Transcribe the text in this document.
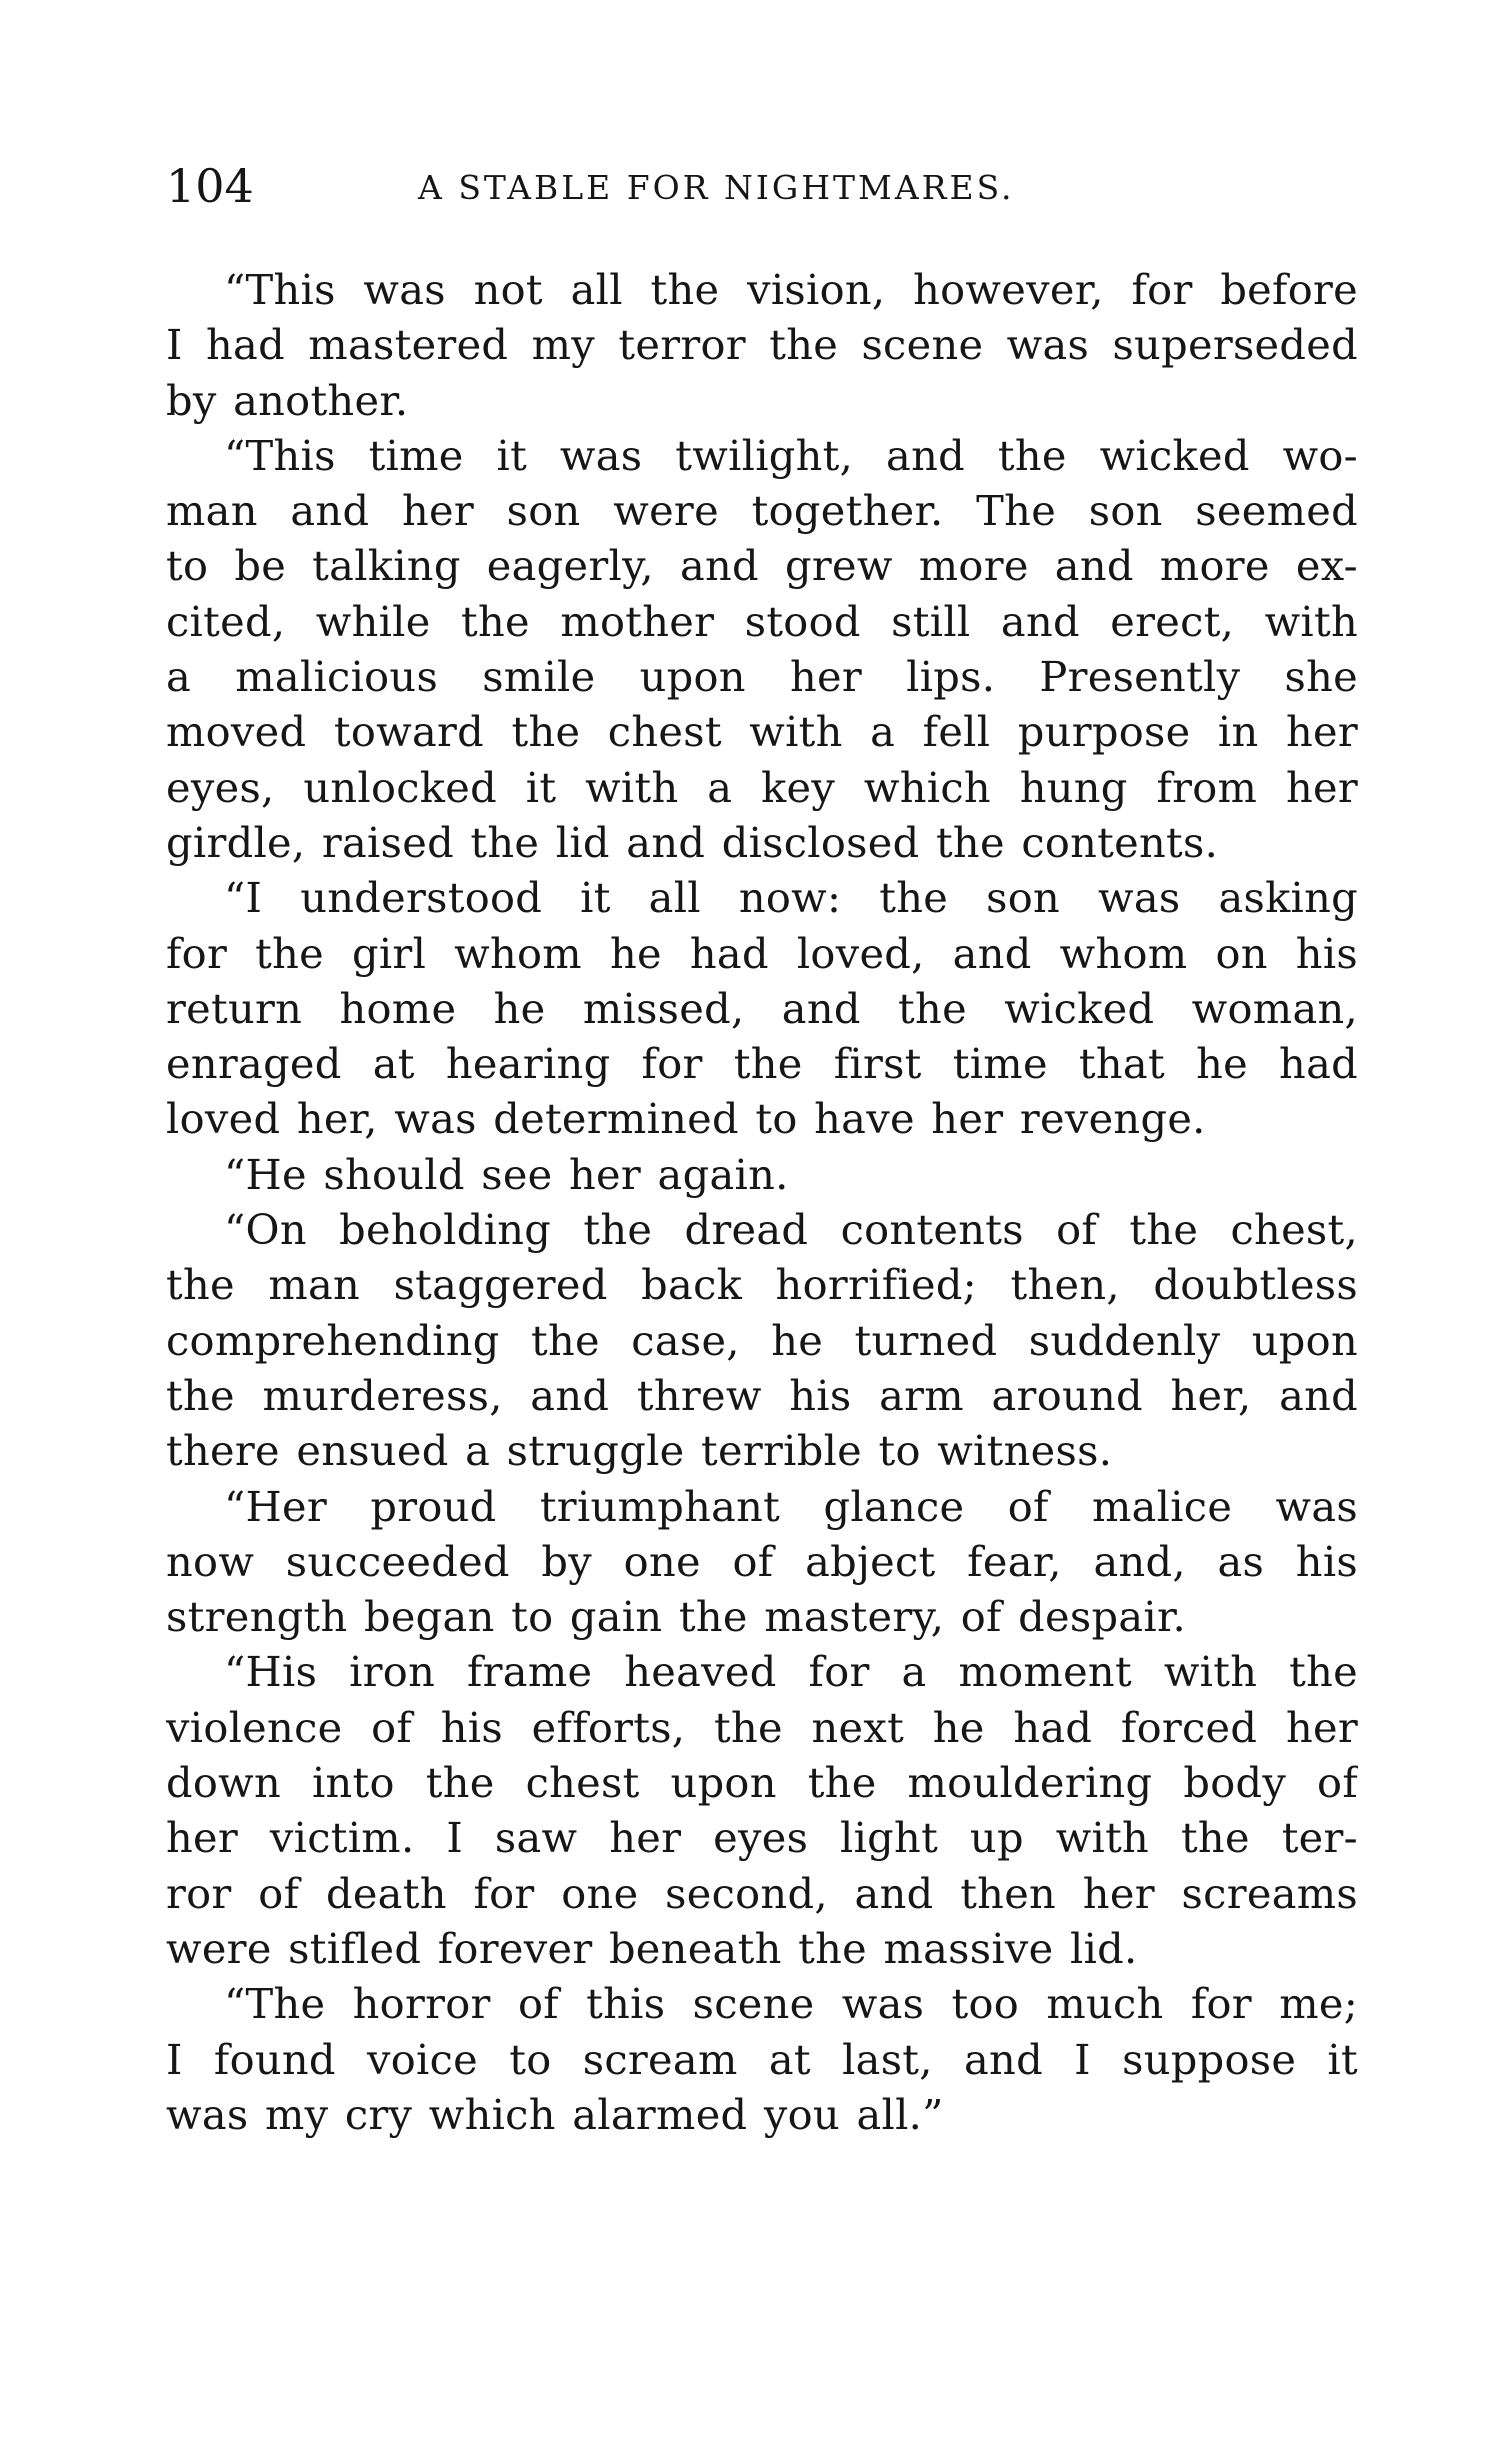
104	A STABLE FOR NIGHTMARES.
“This was not all the vision, however, for before
I had mastered my terror the scene was superseded
by another.
“This time it was twilight, and the wicked wo-
man and her son were together. The son seemed
to be talking eagerly, and grew more and more ex-
cited, while the mother stood still and erect, with
a malicious smile upon her lips. Presently she
moved toward the chest with a fell purpose in her
eyes, unlocked it with a key which hung from her
girdle, raised the lid and disclosed the contents.
“I understood it all now: the son was asking
for the girl whom he had loved, and whom on his
return home he missed, and the wicked woman,
enraged at hearing for the first time that he had
loved her, was determined to have her revenge.
“He should see her again.
“On beholding the dread contents of the chest,
the man staggered back horrified; then, doubtless
comprehending the case, he turned suddenly upon
the murderess, and threw his arm around her, and
there ensued a struggle terrible to witness.
“Her proud triumphant glance of malice was
now succeeded by one of abject fear, and, as his
strength began to gain the mastery, of despair.
“His iron frame heaved for a moment with the
violence of his efforts, the next he had forced her
down into the chest upon the mouldering body of
her victim. I saw her eyes light up with the ter-
ror of death for one second, and then her screams
were stifled forever beneath the massive lid.
“The horror of this scene was too much for me;
I found voice to scream at last, and I suppose it
was my cry which alarmed you all.”
